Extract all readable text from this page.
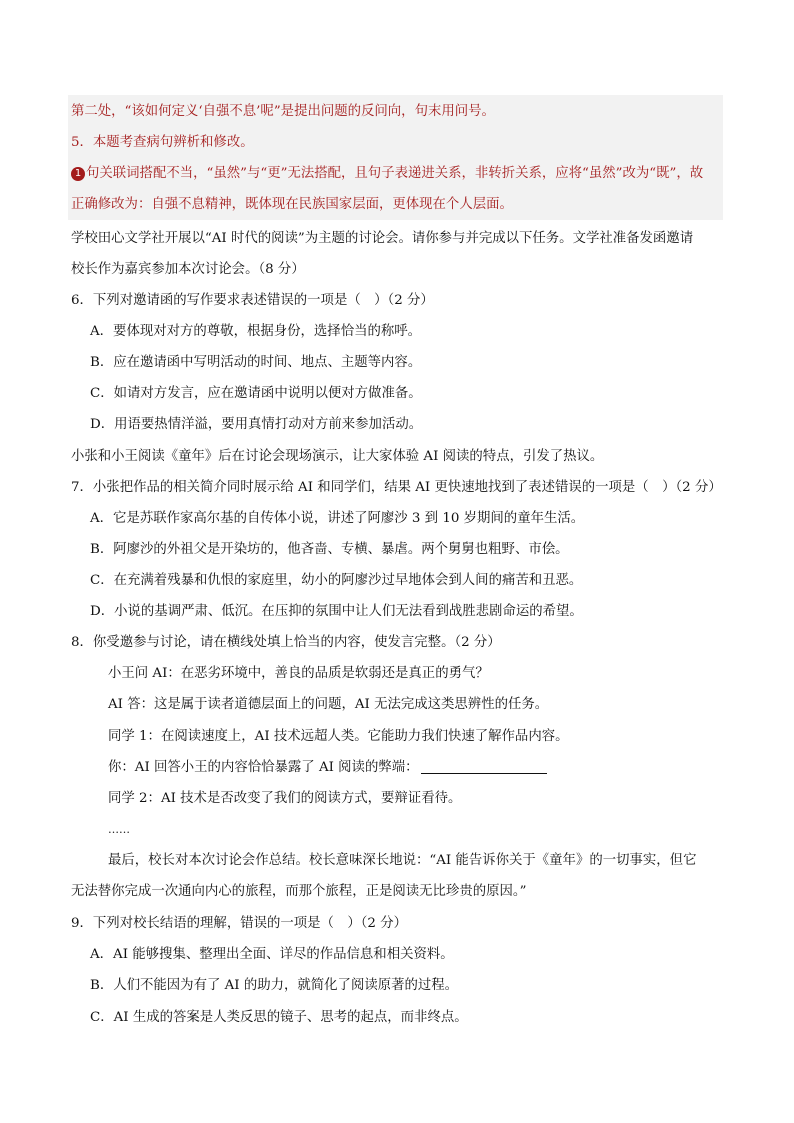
第二处，“该如何定义‘自强不息’呢”是提出问题的反问向，句末用问号。
5．本题考查病句辨析和修改。
1 句关联词搭配不当，“虽然”与“更”无法搭配，且句子表递进关系，非转折关系，应将“虽然”改为“既”，故
正确修改为：自强不息精神，既体现在民族国家层面，更体现在个人层面。
学校田心文学社开展以“AI 时代的阅读”为主题的讨论会。请你参与并完成以下任务。文学社准备发函邀请
校长作为嘉宾参加本次讨论会。（8 分）
6．下列对邀请函的写作要求表述错误的一项是（　）（2 分）
A．要体现对对方的尊敬，根据身份，选择恰当的称呼。
B．应在邀请函中写明活动的时间、地点、主题等内容。
C．如请对方发言，应在邀请函中说明以便对方做准备。
D．用语要热情洋溢，要用真情打动对方前来参加活动。
小张和小王阅读《童年》后在讨论会现场演示，让大家体验 AI 阅读的特点，引发了热议。
7．小张把作品的相关简介同时展示给 AI 和同学们，结果 AI 更快速地找到了表述错误的一项是（　）（2 分）
A．它是苏联作家高尔基的自传体小说，讲述了阿廖沙 3 到 10 岁期间的童年生活。
B．阿廖沙的外祖父是开染坊的，他吝啬、专横、暴虐。两个舅舅也粗野、市侩。
C．在充满着残暴和仇恨的家庭里，幼小的阿廖沙过早地体会到人间的痛苦和丑恶。
D．小说的基调严肃、低沉。在压抑的氛围中让人们无法看到战胜悲剧命运的希望。
8．你受邀参与讨论，请在横线处填上恰当的内容，使发言完整。（2 分）
小王问 AI：在恶劣环境中，善良的品质是软弱还是真正的勇气？
AI 答：这是属于读者道德层面上的问题，AI 无法完成这类思辨性的任务。
同学 1：在阅读速度上，AI 技术远超人类。它能助力我们快速了解作品内容。
你：AI 回答小王的内容恰恰暴露了 AI 阅读的弊端：
同学 2：AI 技术是否改变了我们的阅读方式，要辩证看待。
……
最后，校长对本次讨论会作总结。校长意味深长地说：“AI 能告诉你关于《童年》的一切事实，但它
无法替你完成一次通向内心的旅程，而那个旅程，正是阅读无比珍贵的原因。”
9．下列对校长结语的理解，错误的一项是（　）（2 分）
A．AI 能够搜集、整理出全面、详尽的作品信息和相关资料。
B．人们不能因为有了 AI 的助力，就简化了阅读原著的过程。
C．AI 生成的答案是人类反思的镜子、思考的起点，而非终点。
